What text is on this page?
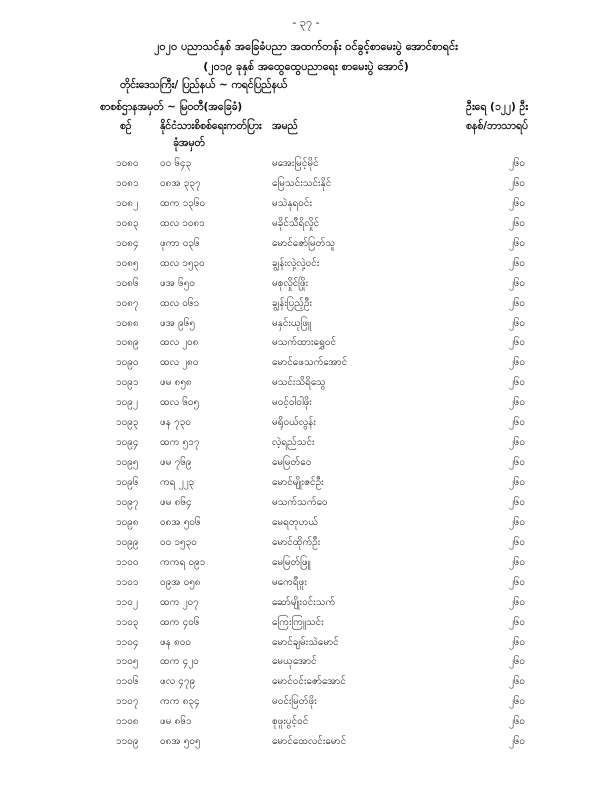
- ၃၇ -
၂၀၂၀ ပညာသင်နှစ် အခြေခံပညာ အထက်တန်း ဝင်ခွင့်စာမေးပွဲ အောင်စာရင်း
(၂၀၁၉ ခုနှစ် အထွေထွေပညာရေး စာမေးပွဲ အောင်)
တိုင်းဒေသကြီး/ ပြည်နယ် ~ ကရင်ပြည်နယ်
စာစစ်ဌာနအမှတ် ~ မြဝတီ(အခြေခံ)	ဦးရေ (၁၂၂) ဦး
စဉ်	နိုင်ငံသားစိစစ်ရေးကတ်ပြား
ခုံအမှတ်
အမည်	စနစ်/ဘာသာရပ်
၁၀၈၀ ၀၀ ၆၄၃	မအေးမြင့်မိုင်	၂၆၀
၁၀၈၁ ၀၈အ ၃၃၇	မြေသင်းသင်းနိုင်	၂၆၀
၁၀၈၂ ထက ၁၃၆၀	မသဲနုရဝင်း	၂၆၀
၁၀၈၃ ထလ ၁၀၈၁	မခိုင်သီရိလှိုင်	၂၆၀
၁၀၈၄ ဖုကာ ၀၃၆	မောင်ဇော်မြတ်သူ	၂၆၀
၁၀၈၅ ထလ ၁၅၃၀	ချွန်းလှဲ့လှဲ့ဝင်း	၂၆၀
၁၀၈၆ ဖအ ၆၅၀	မစုလှိုင်ဖြိုး	၂၆၀
၁၀၈၇ ထလ ၀၆၁	ချွန်းပြည့်ဦး	၂၆၀
၁၀၈၈ ဖအ ၉၆၅	မနှင်းယုဖြူ	၂၆၀
၁၀၈၉ ထလ ၂၀၈	မသက်ထားရွှေဝင်	၂၆၀
၁၀၉၀ ထလ ၂၈၀	မောင်ဖေသက်အောင်	၂၆၀
၁၀၉၁ ဖမ ၈၅၈	မသင်းသိရိသွေ	၂၆၀
၁၀၉၂ ထလ ၆၀၅	မဝင့်ဝါဝါဖိုး	၂၆၀
၁၀၉၃ ဖန ၇၃၀	မရိုဝယ်လွန်း	၂၆၀
၁၀၉၄ ထက ၅၁၇	လဲ့ရည်သင်း	၂၆၀
၁၀၉၅ ဖမ ၇၆၉	မေမြတ်ဝေ	၂၆၀
၁၀၉၆ ကရ ၂၂၃	မောင်မျိုးဇင်ဦး	၂၆၀
၁၀၉၇ ဖမ ၈၆၄	မသက်သက်ဝေ	၂၆၀
၁၀၉၈ ၀၈အ ၅၀၆	မေရတုဟယ်	၂၆၀
၁၀၉၉ ၀၀ ၁၅၃၀	မောင်ထိုက်ဦး	၂၆၀
၁၁၀၀ ကကရ ၀၉၁	မေမြတ်ဖြူ	၂၆၀
၁၁၀၁ ၀၉အ ၀၅၈	မကေရီဖူး	၂၆၀
၁၁၀၂ ထက ၂၀၇	ဆော်မျိုးဝင်းသက်	၂၆၀
၁၁၀၃ ထက ၄၀၆	ကြေးကြူသင်း	၂၆၀
၁၁၀၄ ဖန ၈၀၀	မောင်ချမ်းသဲမောင်	၂၆၀
၁၁၀၅ ထက ၄၂၀	မေယုအောင်	၂၆၀
၁၁၀၆ ဖလ ၄၇၉	မောင်ဝင်းဇော်အောင်	၂၆၀
၁၁၀၇ ကက ၈၃၄	မဝင်းမြတ်ဖိုး	၂၆၀
၁၁၀၈ ဖမ ၈၆၁	စုဖူးပွင့်ဝင်	၂၆၀
၁၁၀၉ ၀၈အ ၅၀၅	မောင်ထေလင်းမောင်	၂၆၀
